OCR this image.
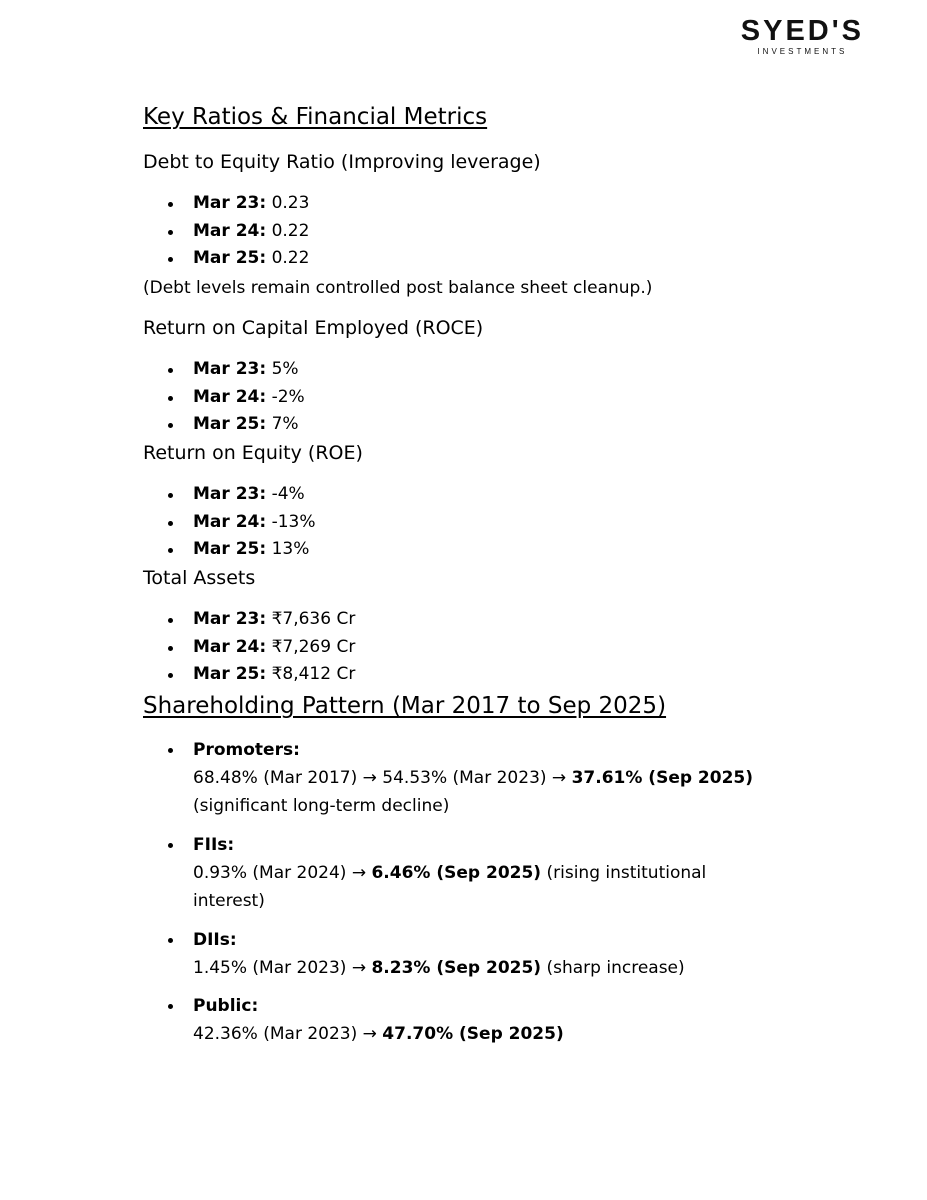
SYED'S
INVESTMENTS
Key Ratios & Financial Metrics
Debt to Equity Ratio (Improving leverage)
Mar 23: 0.23
Mar 24: 0.22
Mar 25: 0.22
(Debt levels remain controlled post balance sheet cleanup.)
Return on Capital Employed (ROCE)
Mar 23: 5%
Mar 24: -2%
Mar 25: 7%
Return on Equity (ROE)
Mar 23: -4%
Mar 24: -13%
Mar 25: 13%
Total Assets
Mar 23: ₹7,636 Cr
Mar 24: ₹7,269 Cr
Mar 25: ₹8,412 Cr
Shareholding Pattern (Mar 2017 to Sep 2025)
Promoters:
68.48% (Mar 2017) → 54.53% (Mar 2023) → 37.61% (Sep 2025) (significant long-term decline)
FIIs:
0.93% (Mar 2024) → 6.46% (Sep 2025) (rising institutional interest)
DIIs:
1.45% (Mar 2023) → 8.23% (Sep 2025) (sharp increase)
Public:
42.36% (Mar 2023) → 47.70% (Sep 2025)
